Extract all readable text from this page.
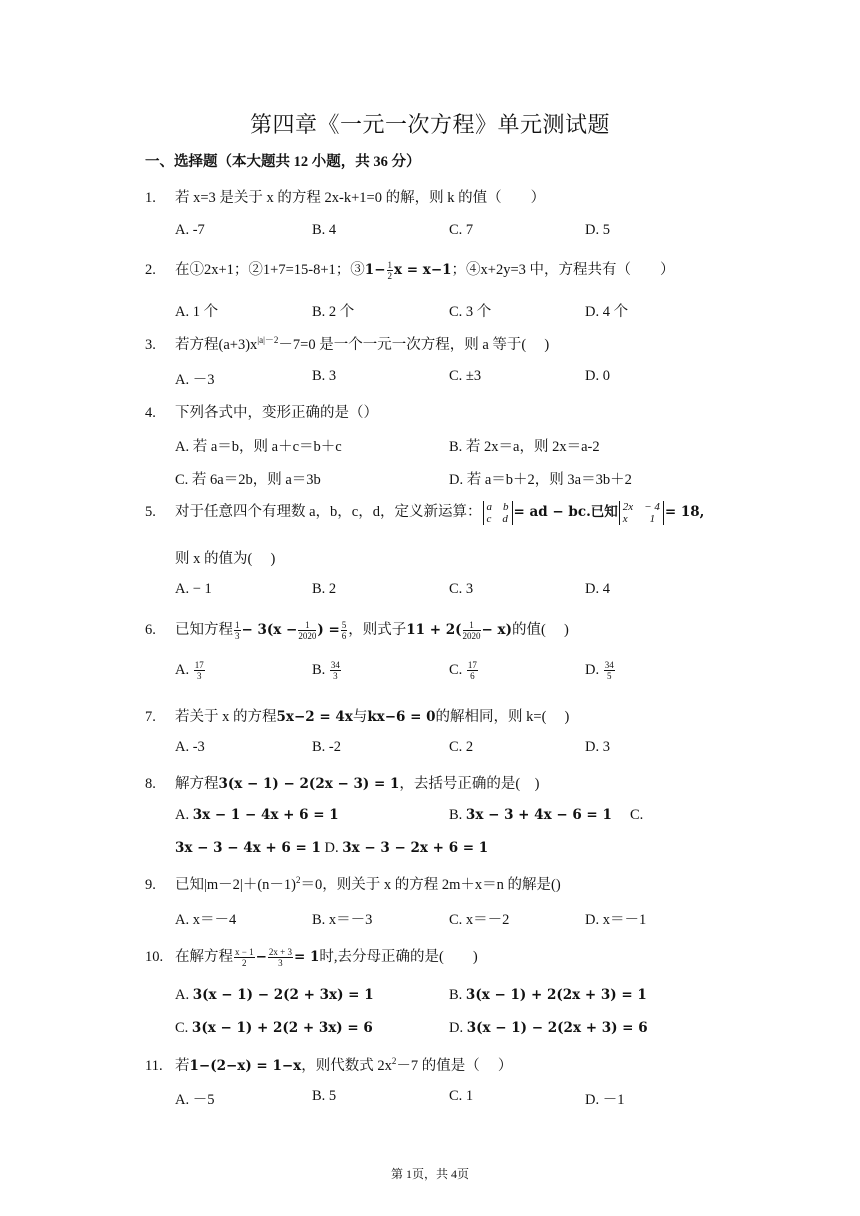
第四章《一元一次方程》单元测试题
一、选择题（本大题共 12 小题，共 36 分）
1. 若 x=3 是关于 x 的方程 2x-k+1=0 的解，则 k 的值（　　）
A. -7	B. 4	C. 7	D. 5
2. 在①2x+1；②1+7=15-8+1；③1− $\frac{1}{2}$ x = x−1；④x+2y=3 中，方程共有（　　）
A. 1 个	B. 2 个	C. 3 个	D. 4 个
3. 若方程$(a+3)x^{|a|-2}-7=0$ 是一个一元一次方程，则 a 等于(　 )
A. －3	B. 3	C. ±3	D. 0
4. 下列各式中，变形正确的是（）
A. 若 a＝b，则 a＋c＝b＋c	B. 若 2x＝a，则 2x＝a-2
C. 若 6a＝2b，则 a＝3b	D. 若 a＝b＋2，则 3a＝3b＋2
5. 对于任意四个有理数 a，b，c，d，定义新运算： a　b
c　d = ad − bc.已知 2x　− 4
x　　1 = 18,
则 x 的值为(　 )
A. − 1	B. 2	C. 3	D. 4
6. 已知方程 $\frac{1}{3} - 3(x - \frac{1}{2020}$ ) = $\frac{5}{6}$ ，则式子$11 + 2( \frac{1}{2020} - x)$的值(　 )
A. $\frac{17}{3}$	B. $\frac{34}{3}$	C. $\frac{17}{6}$	D. $\frac{34}{5}$
7. 若关于 x 的方程5x−2 = 4x与kx−6 = 0的解相同，则 k=(　 )
A. -3	B. -2	C. 2	D. 3
8. 解方程3(x − 1) − 2(2x − 3) = 1，去括号正确的是(　)
A. 3x − 1 − 4x + 6 = 1	B. 3x − 3 + 4x − 6 = 1 C.
3x − 3 − 4x + 6 = 1 D. 3x − 3 − 2x + 6 = 1
9. 已知$|m-2|+(n-1)^2=0$，则关于 x 的方程 2m＋x＝n 的解是()
A. x＝－4	B. x＝－3	C. x＝－2	D. x＝－1
10. 在解方程 $\frac{x - 1}{2} - \frac{2x + 3}{3} = 1$时,去分母正确的是(　　)
A. 3(x − 1) − 2(2 + 3x) = 1	B. 3(x − 1) + 2(2x + 3) = 1
C. 3(x − 1) + 2(2 + 3x) = 6	D. 3(x − 1) − 2(2x + 3) = 6
11. 若1−(2−x) = 1−x，则代数式 $2x^2-7$ 的值是（　 ）
A. －5	B. 5	C. 1	D. －1
第 1页，共 4页
